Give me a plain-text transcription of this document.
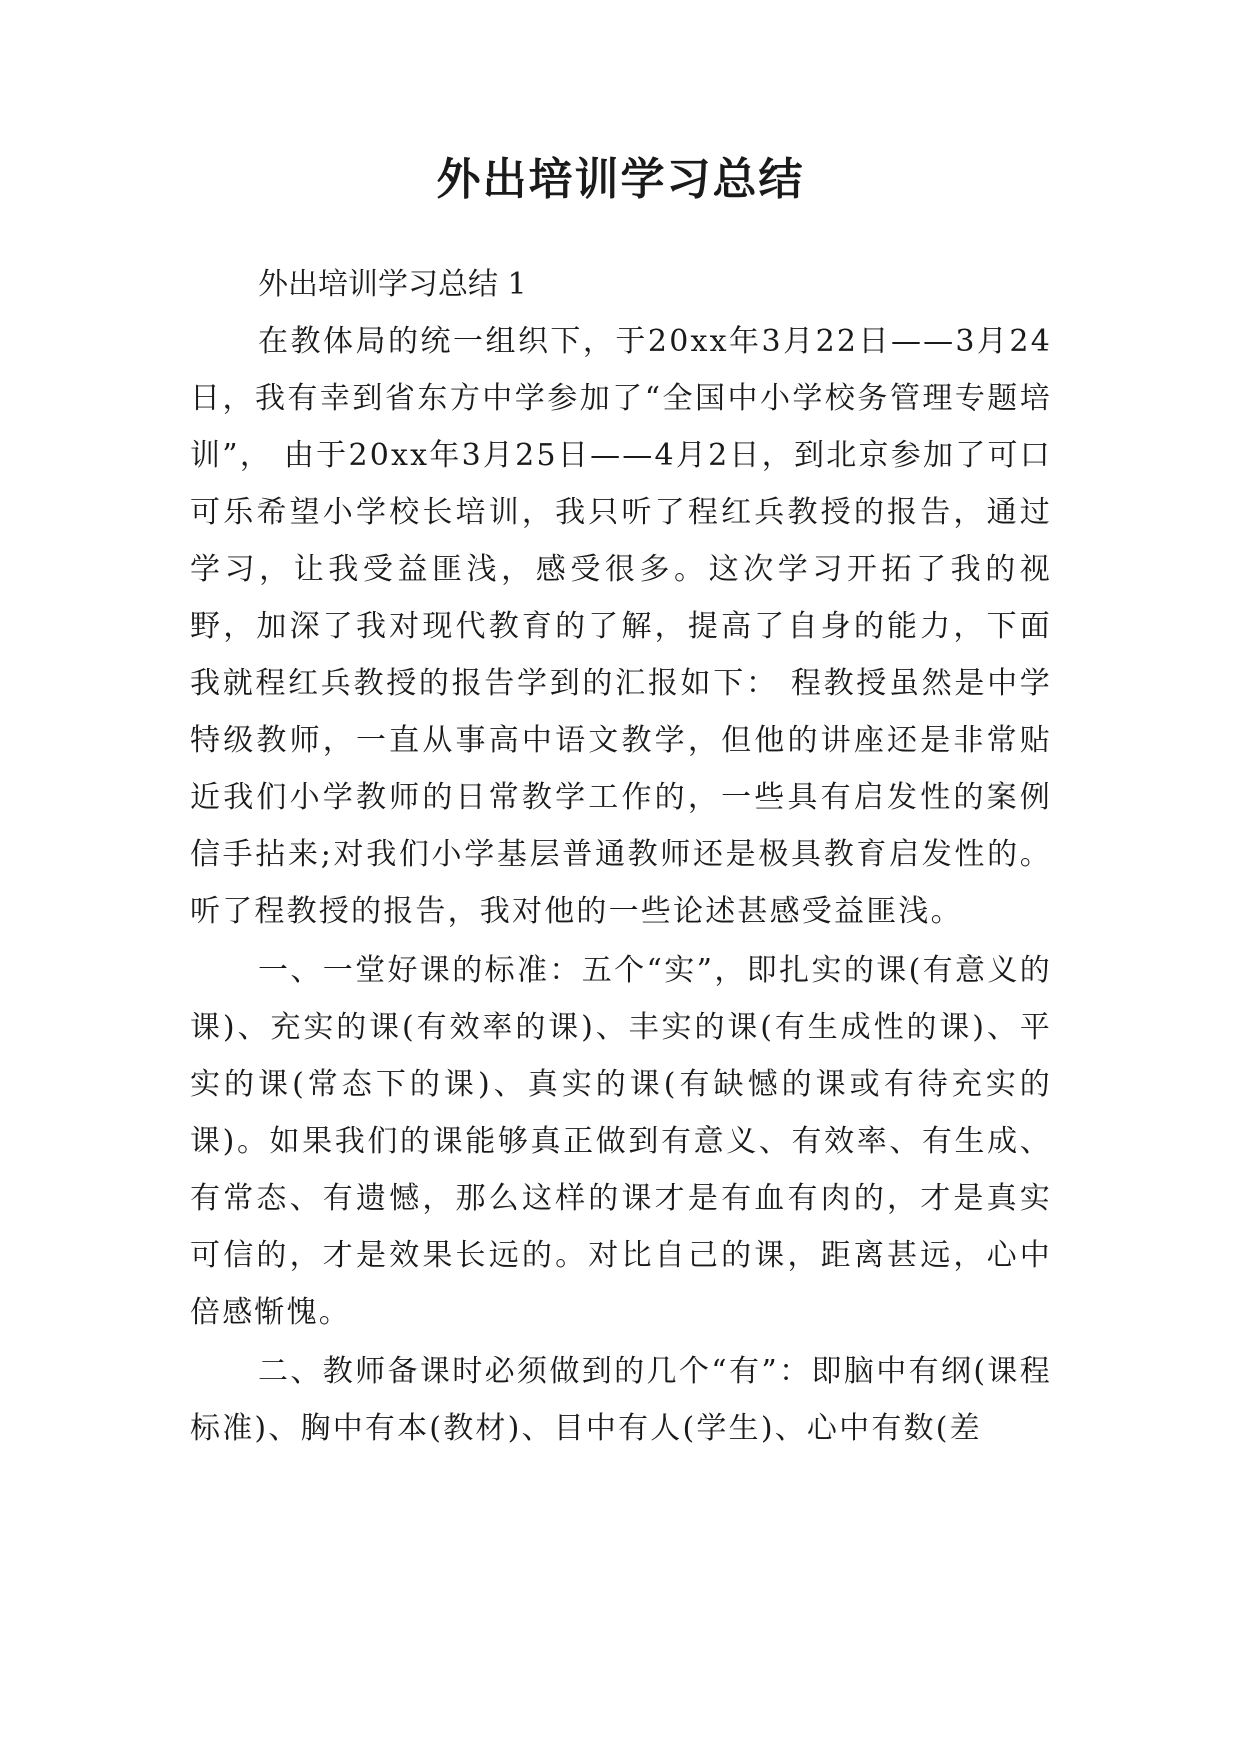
外出培训学习总结

外出培训学习总结 1

在教体局的统一组织下，于20xx年3月22日——3月24日，我有幸到省东方中学参加了“全国中小学校务管理专题培训”， 由于20xx年3月25日——4月2日，到北京参加了可口可乐希望小学校长培训，我只听了程红兵教授的报告，通过学习，让我受益匪浅，感受很多。这次学习开拓了我的视野，加深了我对现代教育的了解，提高了自身的能力，下面我就程红兵教授的报告学到的汇报如下： 程教授虽然是中学特级教师，一直从事高中语文教学，但他的讲座还是非常贴近我们小学教师的日常教学工作的，一些具有启发性的案例信手拈来;对我们小学基层普通教师还是极具教育启发性的。听了程教授的报告，我对他的一些论述甚感受益匪浅。

一、一堂好课的标准：五个“实”，即扎实的课(有意义的课)、充实的课(有效率的课)、丰实的课(有生成性的课)、平实的课(常态下的课)、真实的课(有缺憾的课或有待充实的课)。如果我们的课能够真正做到有意义、有效率、有生成、有常态、有遗憾，那么这样的课才是有血有肉的，才是真实可信的，才是效果长远的。对比自己的课，距离甚远，心中倍感惭愧。

二、教师备课时必须做到的几个“有”：即脑中有纲(课程标准)、胸中有本(教材)、目中有人(学生)、心中有数(差
